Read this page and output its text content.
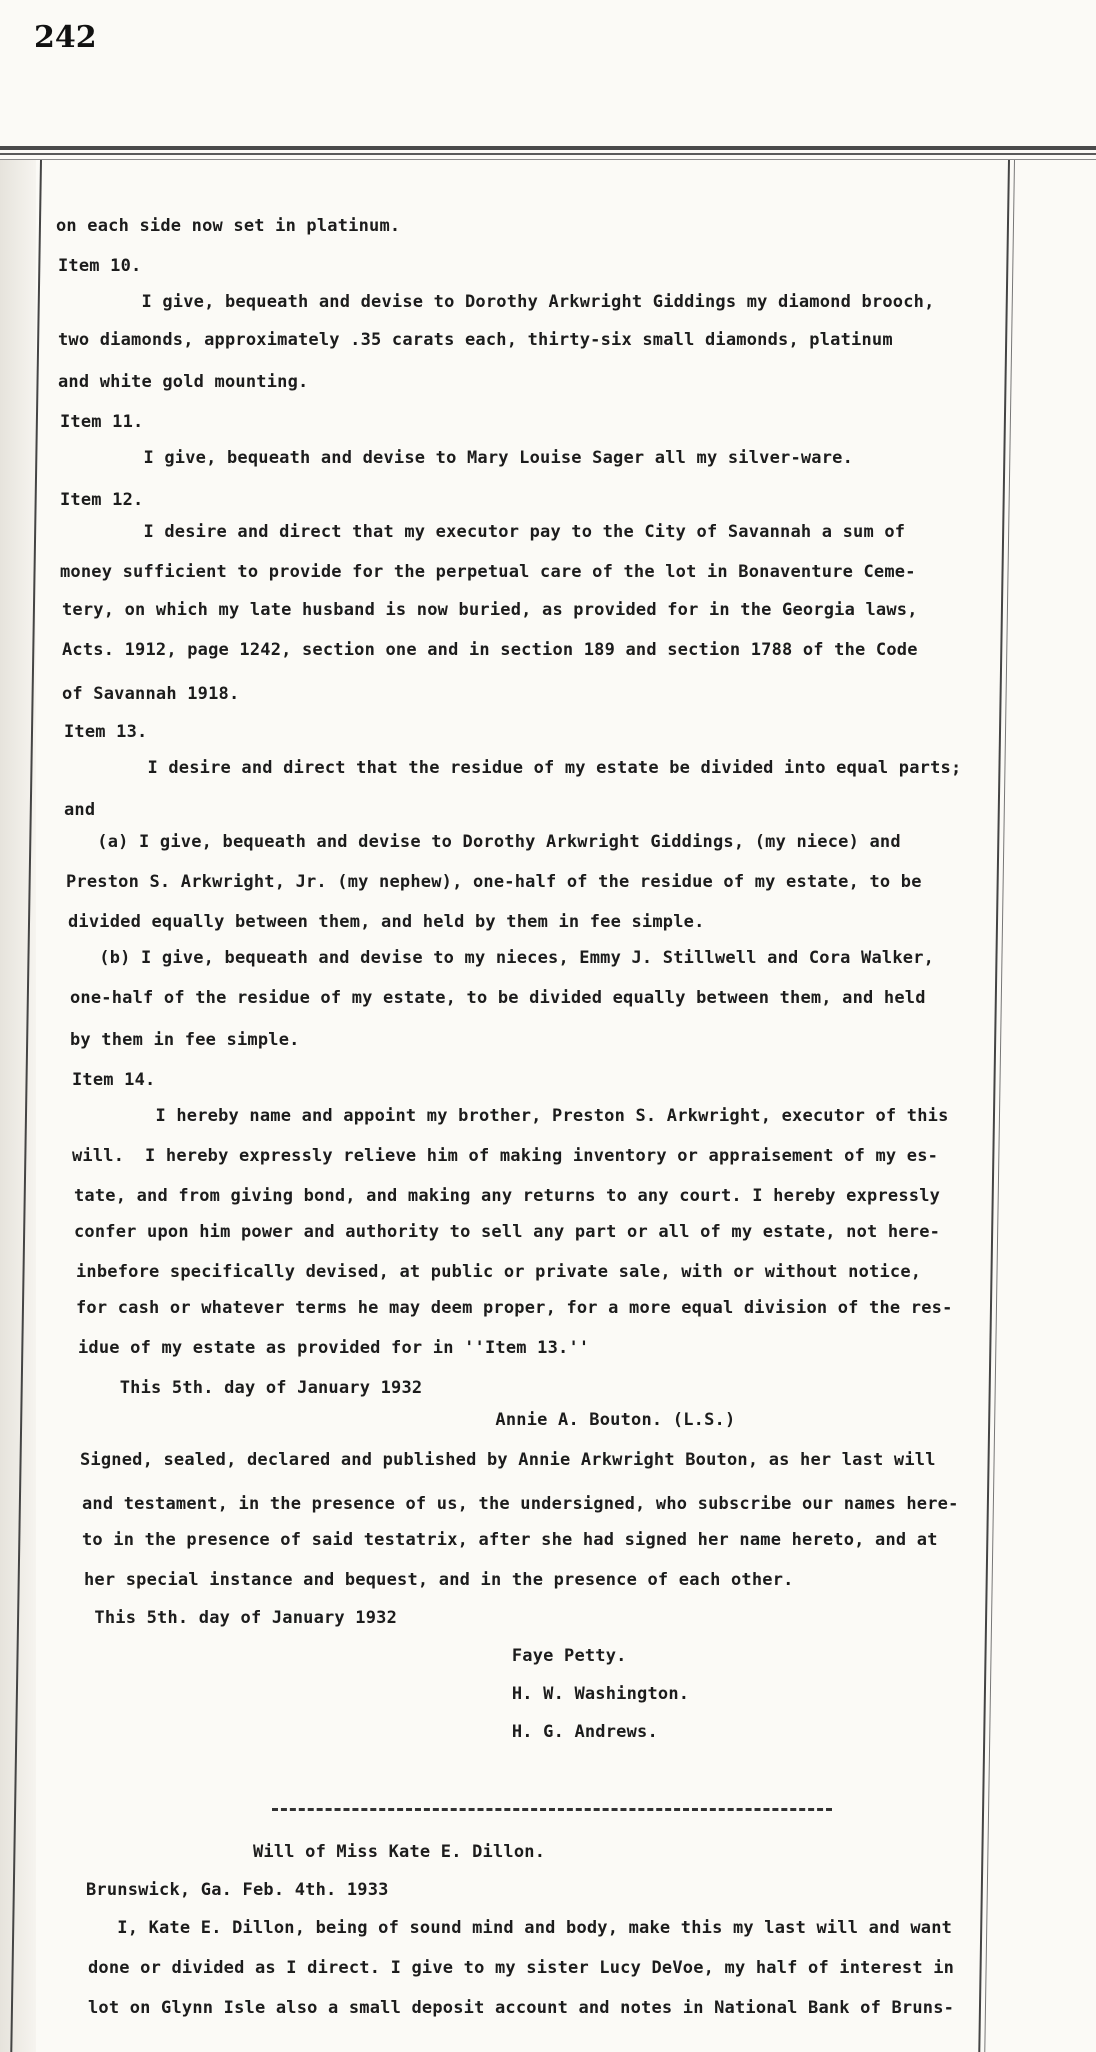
242
on each side now set in platinum.
Item 10.
I give, bequeath and devise to Dorothy Arkwright Giddings my diamond brooch,
two diamonds, approximately .35 carats each, thirty-six small diamonds, platinum
and white gold mounting.
Item 11.
I give, bequeath and devise to Mary Louise Sager all my silver-ware.
Item 12.
I desire and direct that my executor pay to the City of Savannah a sum of
money sufficient to provide for the perpetual care of the lot in Bonaventure Ceme-
tery, on which my late husband is now buried, as provided for in the Georgia laws,
Acts. 1912, page 1242, section one and in section 189 and section 1788 of the Code
of Savannah 1918.
Item 13.
I desire and direct that the residue of my estate be divided into equal parts;
and
(a) I give, bequeath and devise to Dorothy Arkwright Giddings, (my niece) and
Preston S. Arkwright, Jr. (my nephew), one-half of the residue of my estate, to be
divided equally between them, and held by them in fee simple.
(b) I give, bequeath and devise to my nieces, Emmy J. Stillwell and Cora Walker,
one-half of the residue of my estate, to be divided equally between them, and held
by them in fee simple.
Item 14.
I hereby name and appoint my brother, Preston S. Arkwright, executor of this
will.  I hereby expressly relieve him of making inventory or appraisement of my es-
tate, and from giving bond, and making any returns to any court. I hereby expressly
confer upon him power and authority to sell any part or all of my estate, not here-
inbefore specifically devised, at public or private sale, with or without notice,
for cash or whatever terms he may deem proper, for a more equal division of the res-
idue of my estate as provided for in ''Item 13.''
This 5th. day of January 1932
Annie A. Bouton. (L.S.)
Signed, sealed, declared and published by Annie Arkwright Bouton, as her last will
and testament, in the presence of us, the undersigned, who subscribe our names here-
to in the presence of said testatrix, after she had signed her name hereto, and at
her special instance and bequest, and in the presence of each other.
This 5th. day of January 1932
Faye Petty.
H. W. Washington.
H. G. Andrews.
Will of Miss Kate E. Dillon.
Brunswick, Ga. Feb. 4th. 1933
I, Kate E. Dillon, being of sound mind and body, make this my last will and want
done or divided as I direct. I give to my sister Lucy DeVoe, my half of interest in
lot on Glynn Isle also a small deposit account and notes in National Bank of Bruns-
